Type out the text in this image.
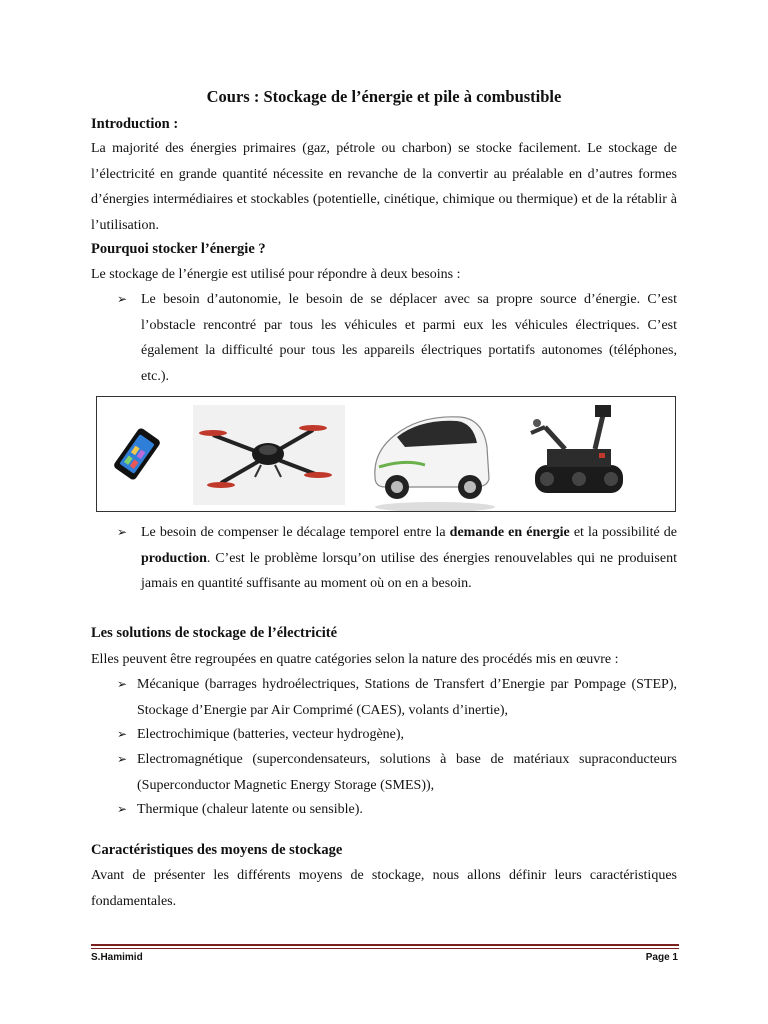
Cours : Stockage de l’énergie et pile à combustible
Introduction :
La majorité des énergies primaires (gaz, pétrole ou charbon) se stocke facilement. Le stockage de l’électricité en grande quantité nécessite en revanche de la convertir au préalable en d’autres formes d’énergies intermédiaires et stockables (potentielle, cinétique, chimique ou thermique) et de la rétablir à l’utilisation.
Pourquoi stocker l’énergie ?
Le stockage de l’énergie est utilisé pour répondre à deux besoins :
➢ Le besoin d’autonomie, le besoin de se déplacer avec sa propre source d’énergie. C’est l’obstacle rencontré par tous les véhicules et parmi eux les véhicules électriques. C’est également la difficulté pour tous les appareils électriques portatifs autonomes (téléphones, etc.).
➢ Le besoin de compenser le décalage temporel entre la demande en énergie et la possibilité de production. C’est le problème lorsqu’on utilise des énergies renouvelables qui ne produisent jamais en quantité suffisante au moment où on en a besoin.
Les solutions de stockage de l’électricité
Elles peuvent être regroupées en quatre catégories selon la nature des procédés mis en œuvre :
➢ Mécanique (barrages hydroélectriques, Stations de Transfert d’Energie par Pompage (STEP), Stockage d’Energie par Air Comprimé (CAES), volants d’inertie),
➢ Electrochimique (batteries, vecteur hydrogène),
➢ Electromagnétique (supercondensateurs, solutions à base de matériaux supraconducteurs (Superconductor Magnetic Energy Storage (SMES)),
➢ Thermique (chaleur latente ou sensible).
Caractéristiques des moyens de stockage
Avant de présenter les différents moyens de stockage, nous allons définir leurs caractéristiques fondamentales.
S.Hamimid	Page 1
